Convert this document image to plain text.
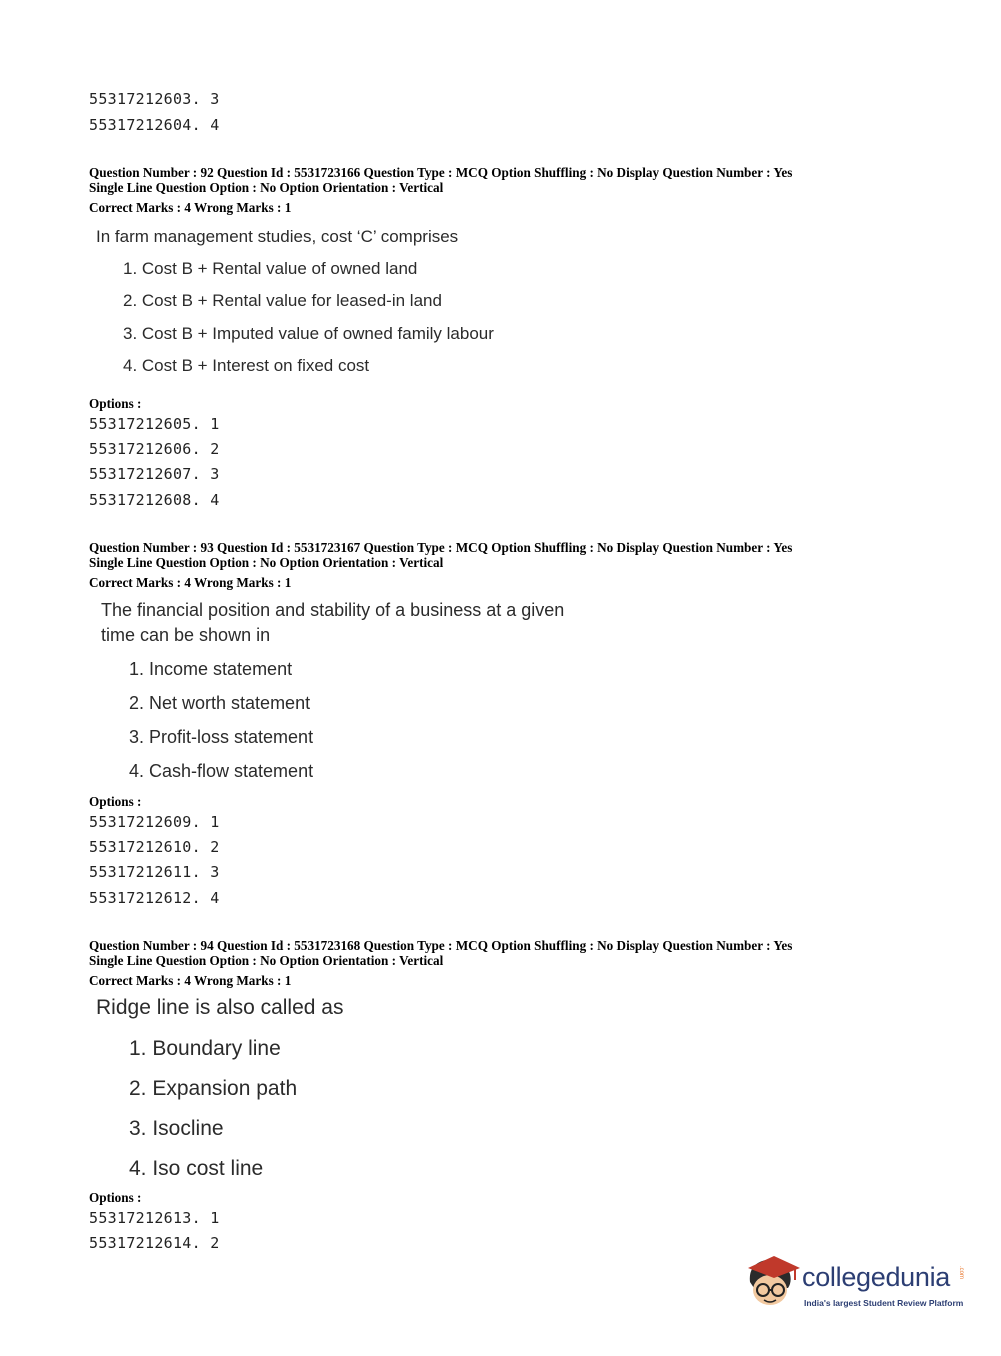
55317212603. 3
55317212604. 4
Question Number : 92 Question Id : 5531723166 Question Type : MCQ Option Shuffling : No Display Question Number : Yes
Single Line Question Option : No Option Orientation : Vertical
Correct Marks : 4 Wrong Marks : 1
In farm management studies, cost ‘C’ comprises
1. Cost B + Rental value of owned land
2. Cost B + Rental value for leased-in land
3. Cost B + Imputed value of owned family labour
4. Cost B + Interest on fixed cost
Options :
55317212605. 1
55317212606. 2
55317212607. 3
55317212608. 4
Question Number : 93 Question Id : 5531723167 Question Type : MCQ Option Shuffling : No Display Question Number : Yes
Single Line Question Option : No Option Orientation : Vertical
Correct Marks : 4 Wrong Marks : 1
The financial position and stability of a business at a given
time can be shown in
1. Income statement
2. Net worth statement
3. Profit-loss statement
4. Cash-flow statement
Options :
55317212609. 1
55317212610. 2
55317212611. 3
55317212612. 4
Question Number : 94 Question Id : 5531723168 Question Type : MCQ Option Shuffling : No Display Question Number : Yes
Single Line Question Option : No Option Orientation : Vertical
Correct Marks : 4 Wrong Marks : 1
Ridge line is also called as
1. Boundary line
2. Expansion path
3. Isocline
4. Iso cost line
Options :
55317212613. 1
55317212614. 2
collegedunia .com
India's largest Student Review Platform
